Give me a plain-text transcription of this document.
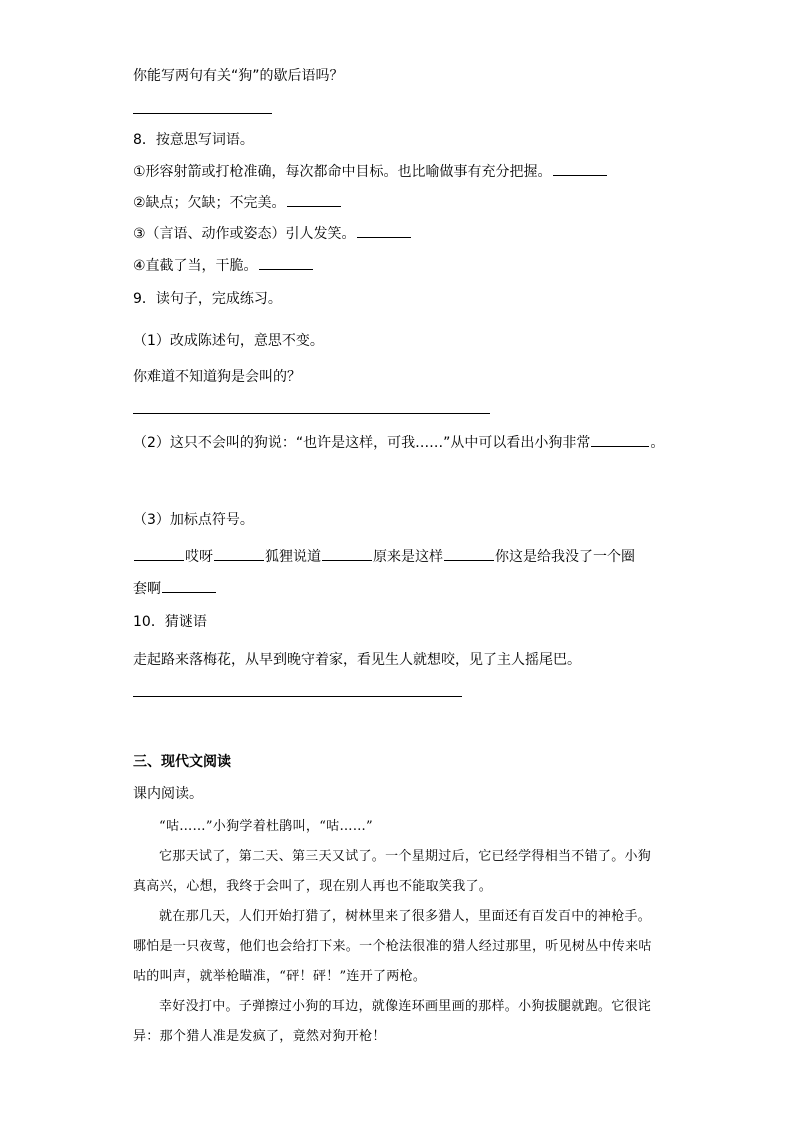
你能写两句有关“狗”的歇后语吗？
8．按意思写词语。
①形容射箭或打枪准确，每次都命中目标。也比喻做事有充分把握。
②缺点；欠缺；不完美。
③（言语、动作或姿态）引人发笑。
④直截了当，干脆。
9．读句子，完成练习。
（1）改成陈述句，意思不变。
你难道不知道狗是会叫的？
（2）这只不会叫的狗说：“也许是这样，可我……”从中可以看出小狗非常	。
（3）加标点符号。
哎呀	狐狸说道	原来是这样	你这是给我没了一个圈
套啊
10．猜谜语
走起路来落梅花，从早到晚守着家，看见生人就想咬，见了主人摇尾巴。
三、现代文阅读
课内阅读。

“咕……”小狗学着杜鹃叫，“咕……”

它那天试了，第二天、第三天又试了。一个星期过后，它已经学得相当不错了。小狗真高兴，心想，我终于会叫了，现在别人再也不能取笑我了。

就在那几天，人们开始打猎了，树林里来了很多猎人，里面还有百发百中的神枪手。哪怕是一只夜莺，他们也会给打下来。一个枪法很准的猎人经过那里，听见树丛中传来咕咕的叫声，就举枪瞄准，“砰！砰！”连开了两枪。

幸好没打中。子弹擦过小狗的耳边，就像连环画里画的那样。小狗拔腿就跑。它很诧异：那个猎人准是发疯了，竟然对狗开枪！
